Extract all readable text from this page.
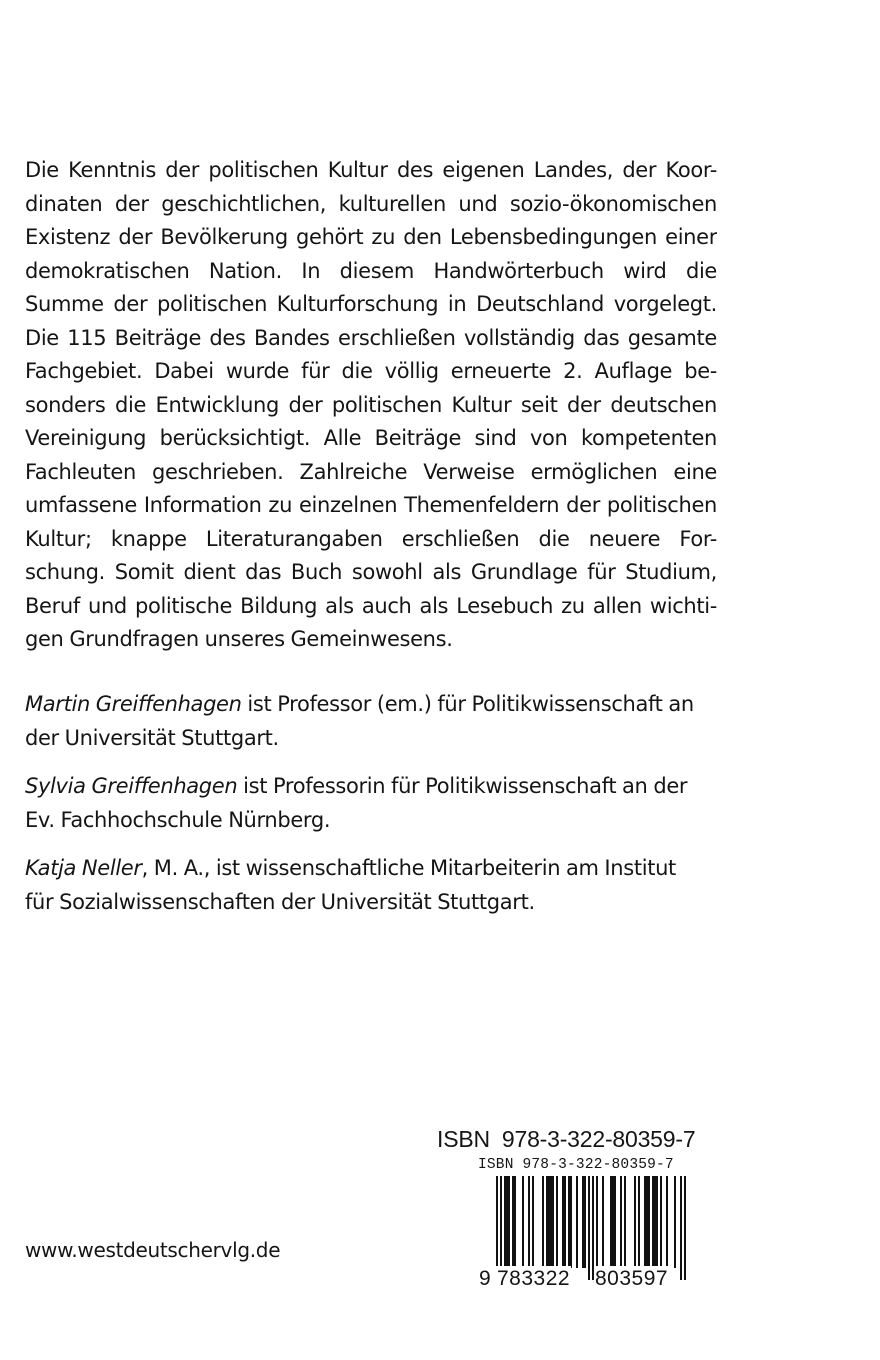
Die Kenntnis der politischen Kultur des eigenen Landes, der Koor-
dinaten der geschichtlichen, kulturellen und sozio-ökonomischen
Existenz der Bevölkerung gehört zu den Lebensbedingungen einer
demokratischen Nation. In diesem Handwörterbuch wird die
Summe der politischen Kulturforschung in Deutschland vorgelegt.
Die 115 Beiträge des Bandes erschließen vollständig das gesamte
Fachgebiet. Dabei wurde für die völlig erneuerte 2. Auflage be-
sonders die Entwicklung der politischen Kultur seit der deutschen
Vereinigung berücksichtigt. Alle Beiträge sind von kompetenten
Fachleuten geschrieben. Zahlreiche Verweise ermöglichen eine
umfassene Information zu einzelnen Themenfeldern der politischen
Kultur; knappe Literaturangaben erschließen die neuere For-
schung. Somit dient das Buch sowohl als Grundlage für Studium,
Beruf und politische Bildung als auch als Lesebuch zu allen wichti-
gen Grundfragen unseres Gemeinwesens.
Martin Greiffenhagen ist Professor (em.) für Politikwissenschaft an
der Universität Stuttgart.
Sylvia Greiffenhagen ist Professorin für Politikwissenschaft an der
Ev. Fachhochschule Nürnberg.
Katja Neller, M. A., ist wissenschaftliche Mitarbeiterin am Institut
für Sozialwissenschaften der Universität Stuttgart.
ISBN 978-3-322-80359-7
ISBN 978-3-322-80359-7
9 783322 803597
www.westdeutschervlg.de
